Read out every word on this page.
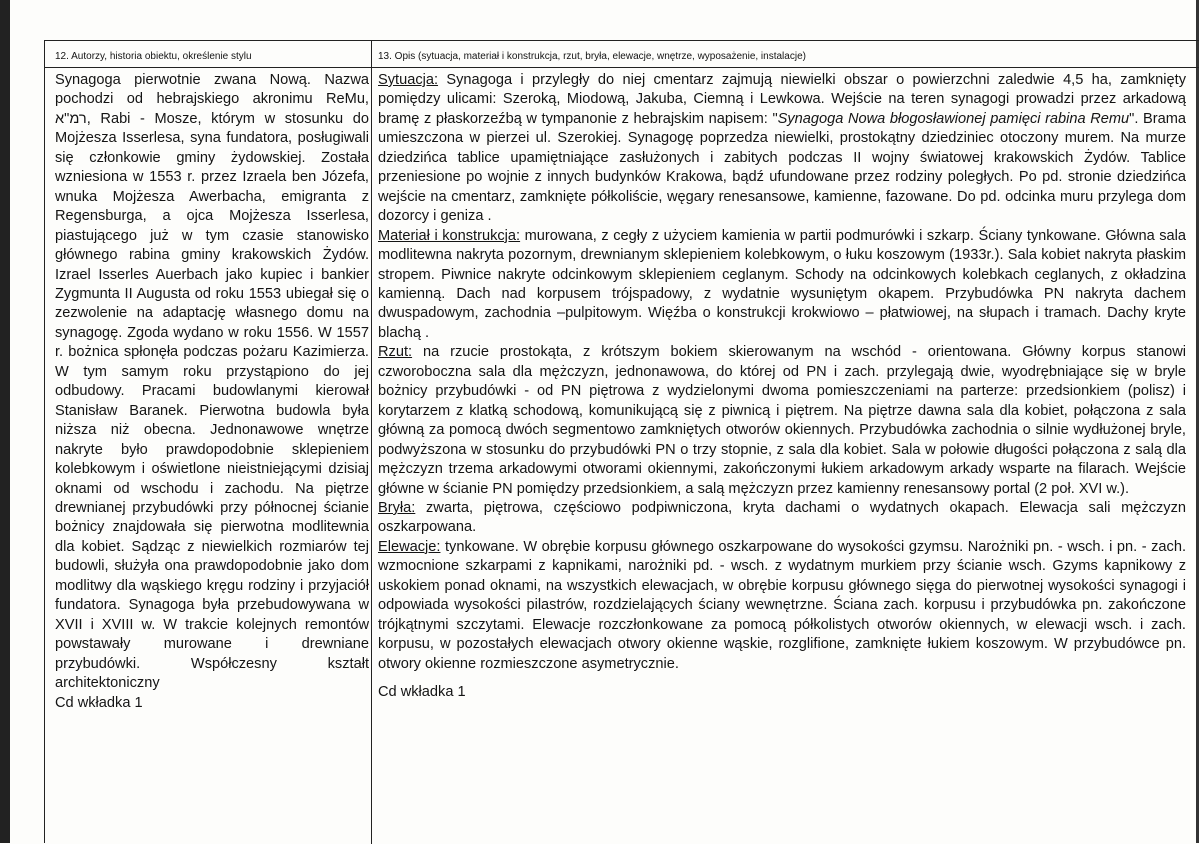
12. Autorzy, historia obiektu, określenie stylu	13. Opis (sytuacja, materiał i konstrukcja, rzut, bryła, elewacje, wnętrze, wyposażenie, instalacje)

Synagoga pierwotnie zwana Nową. Nazwa pochodzi od hebrajskiego akronimu ReMu, רמ"א, Rabi - Mosze, którym w stosunku do Mojżesza Isserlesa, syna fundatora, posługiwali się członkowie gminy żydowskiej. Została wzniesiona w 1553 r. przez Izraela ben Józefa, wnuka Mojżesza Awerbacha, emigranta z Regensburga, a ojca Mojżesza Isserlesa, piastującego już w tym czasie stanowisko głównego rabina gminy krakowskich Żydów. Izrael Isserles Auerbach jako kupiec i bankier Zygmunta II Augusta od roku 1553 ubiegał się o zezwolenie na adaptację własnego domu na synagogę. Zgoda wydano w roku 1556. W 1557 r. bożnica spłonęła podczas pożaru Kazimierza. W tym samym roku przystąpiono do jej odbudowy. Pracami budowlanymi kierował Stanisław Baranek. Pierwotna budowla była niższa niż obecna. Jednonawowe wnętrze nakryte było prawdopodobnie sklepieniem kolebkowym i oświetlone nieistniejącymi dzisiaj oknami od wschodu i zachodu. Na piętrze drewnianej przybudówki przy północnej ścianie bożnicy znajdowała się pierwotna modlitewnia dla kobiet. Sądząc z niewielkich rozmiarów tej budowli, służyła ona prawdopodobnie jako dom modlitwy dla wąskiego kręgu rodziny i przyjaciół fundatora. Synagoga była przebudowywana w XVII i XVIII w. W trakcie kolejnych remontów powstawały murowane i drewniane przybudówki. Współczesny kształt architektoniczny

Cd wkładka 1

Sytuacja: Synagoga i przyległy do niej cmentarz zajmują niewielki obszar o powierzchni zaledwie 4,5 ha, zamknięty pomiędzy ulicami: Szeroką, Miodową, Jakuba, Ciemną i Lewkowa. Wejście na teren synagogi prowadzi przez arkadową bramę z płaskorzeźbą w tympanonie z hebrajskim napisem: "Synagoga Nowa błogosławionej pamięci rabina Remu". Brama umieszczona w pierzei ul. Szerokiej. Synagogę poprzedza niewielki, prostokątny dziedziniec otoczony murem. Na murze dziedzińca tablice upamiętniające zasłużonych i zabitych podczas II wojny światowej krakowskich Żydów. Tablice przeniesione po wojnie z innych budynków Krakowa, bądź ufundowane przez rodziny poległych. Po pd. stronie dziedzińca wejście na cmentarz, zamknięte półkoliście, węgary renesansowe, kamienne, fazowane. Do pd. odcinka muru przylega dom dozorcy i geniza .

Materiał i konstrukcja: murowana, z cegły z użyciem kamienia w partii podmurówki i szkarp. Ściany tynkowane. Główna sala modlitewna nakryta pozornym, drewnianym sklepieniem kolebkowym, o łuku koszowym (1933r.). Sala kobiet nakryta płaskim stropem. Piwnice nakryte odcinkowym sklepieniem ceglanym. Schody na odcinkowych kolebkach ceglanych, z okładzina kamienną. Dach nad korpusem trójspadowy, z wydatnie wysuniętym okapem. Przybudówka PN nakryta dachem dwuspadowym, zachodnia –pulpitowym. Więźba o konstrukcji krokwiowo – płatwiowej, na słupach i tramach. Dachy kryte blachą .

Rzut: na rzucie prostokąta, z krótszym bokiem skierowanym na wschód - orientowana. Główny korpus stanowi czworoboczna sala dla mężczyzn, jednonawowa, do której od PN i zach. przylegają dwie, wyodrębniające się w bryle bożnicy przybudówki - od PN piętrowa z wydzielonymi dwoma pomieszczeniami na parterze: przedsionkiem (polisz) i korytarzem z klatką schodową, komunikującą się z piwnicą i piętrem. Na piętrze dawna sala dla kobiet, połączona z sala główną za pomocą dwóch segmentowo zamkniętych otworów okiennych. Przybudówka zachodnia o silnie wydłużonej bryle, podwyższona w stosunku do przybudówki PN o trzy stopnie, z sala dla kobiet. Sala w połowie długości połączona z salą dla mężczyzn trzema arkadowymi otworami okiennymi, zakończonymi łukiem arkadowym arkady wsparte na filarach. Wejście główne w ścianie PN pomiędzy przedsionkiem, a salą mężczyzn przez kamienny renesansowy portal (2 poł. XVI w.).

Bryła: zwarta, piętrowa, częściowo podpiwniczona, kryta dachami o wydatnych okapach. Elewacja sali mężczyzn oszkarpowana.

Elewacje: tynkowane. W obrębie korpusu głównego oszkarpowane do wysokości gzymsu. Narożniki pn. - wsch. i pn. - zach. wzmocnione szkarpami z kapnikami, narożniki pd. - wsch. z wydatnym murkiem przy ścianie wsch. Gzyms kapnikowy z uskokiem ponad oknami, na wszystkich elewacjach, w obrębie korpusu głównego sięga do pierwotnej wysokości synagogi i odpowiada wysokości pilastrów, rozdzielających ściany wewnętrzne. Ściana zach. korpusu i przybudówka pn. zakończone trójkątnymi szczytami. Elewacje rozczłonkowane za pomocą półkolistych otworów okiennych, w elewacji wsch. i zach. korpusu, w pozostałych elewacjach otwory okienne wąskie, rozglifione, zamknięte łukiem koszowym. W przybudówce pn. otwory okienne rozmieszczone asymetrycznie.

Cd wkładka 1
